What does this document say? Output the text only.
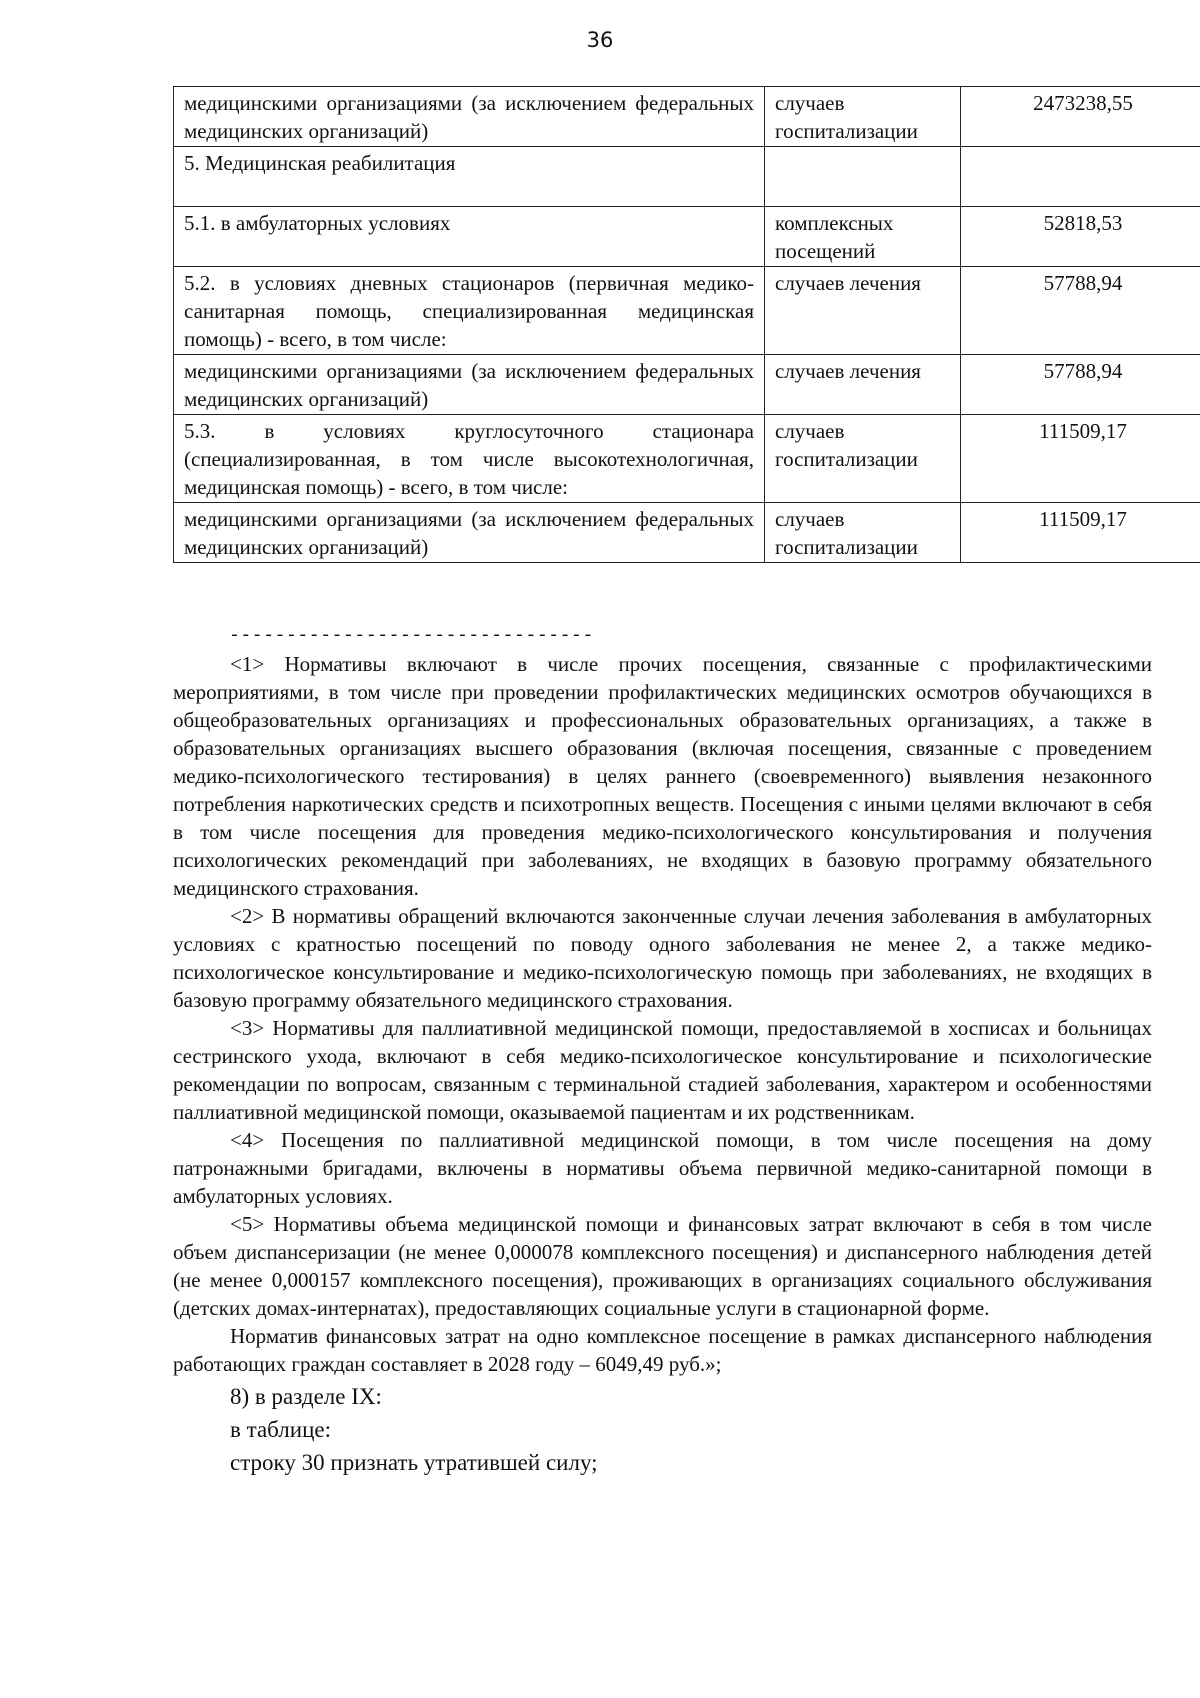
36
медицинскими организациями (за исключением федеральных медицинских организаций)	случаев госпитализации	2473238,55
5. Медицинская реабилитация		
5.1. в амбулаторных условиях	комплексных посещений	52818,53
5.2. в условиях дневных стационаров (первичная медико-санитарная помощь, специализированная медицинская помощь) - всего, в том числе:	случаев лечения	57788,94
медицинскими организациями (за исключением федеральных медицинских организаций)	случаев лечения	57788,94
5.3. в условиях круглосуточного стационара (специализированная, в том числе высокотехнологичная, медицинская помощь) - всего, в том числе:	случаев госпитализации	111509,17
медицинскими организациями (за исключением федеральных медицинских организаций)	случаев госпитализации	111509,17
--------------------------------

<1> Нормативы включают в числе прочих посещения, связанные с профилактическими мероприятиями, в том числе при проведении профилактических медицинских осмотров обучающихся в общеобразовательных организациях и профессиональных образовательных организациях, а также в образовательных организациях высшего образования (включая посещения, связанные с проведением медико-психологического тестирования) в целях раннего (своевременного) выявления незаконного потребления наркотических средств и психотропных веществ. Посещения с иными целями включают в себя в том числе посещения для проведения медико-психологического консультирования и получения психологических рекомендаций при заболеваниях, не входящих в базовую программу обязательного медицинского страхования.

<2> В нормативы обращений включаются законченные случаи лечения заболевания в амбулаторных условиях с кратностью посещений по поводу одного заболевания не менее 2, а также медико-психологическое консультирование и медико-психологическую помощь при заболеваниях, не входящих в базовую программу обязательного медицинского страхования.

<3> Нормативы для паллиативной медицинской помощи, предоставляемой в хосписах и больницах сестринского ухода, включают в себя медико-психологическое консультирование и психологические рекомендации по вопросам, связанным с терминальной стадией заболевания, характером и особенностями паллиативной медицинской помощи, оказываемой пациентам и их родственникам.

<4> Посещения по паллиативной медицинской помощи, в том числе посещения на дому патронажными бригадами, включены в нормативы объема первичной медико-санитарной помощи в амбулаторных условиях.

<5> Нормативы объема медицинской помощи и финансовых затрат включают в себя в том числе объем диспансеризации (не менее 0,000078 комплексного посещения) и диспансерного наблюдения детей (не менее 0,000157 комплексного посещения), проживающих в организациях социального обслуживания (детских домах-интернатах), предоставляющих социальные услуги в стационарной форме.

Норматив финансовых затрат на одно комплексное посещение в рамках диспансерного наблюдения работающих граждан составляет в 2028 году – 6049,49 руб.»;

8) в разделе IX:

в таблице:

строку 30 признать утратившей силу;
